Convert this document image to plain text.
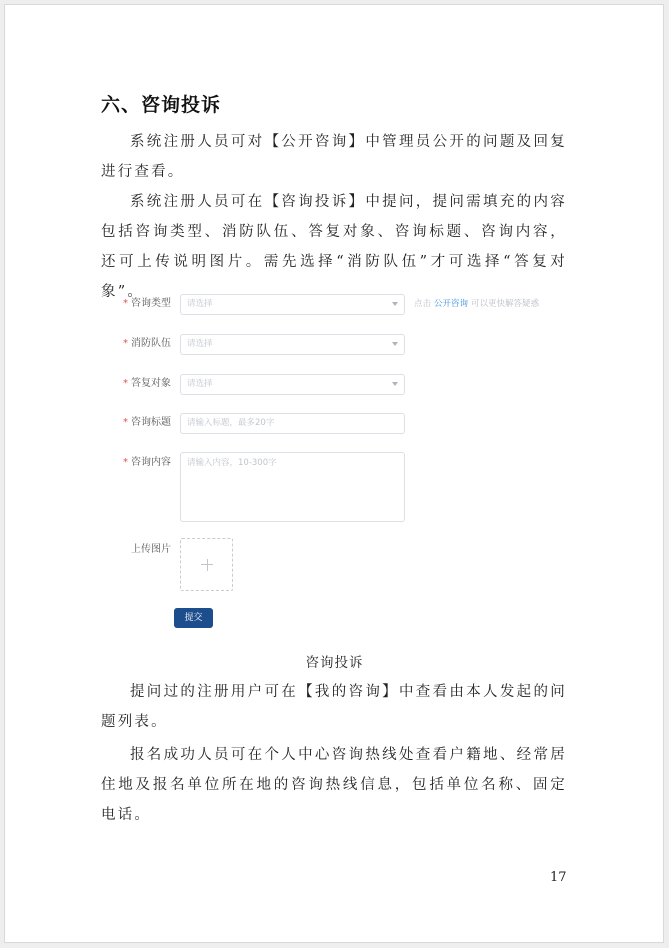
六、咨询投诉

系统注册人员可对【公开咨询】中管理员公开的问题及回复进行查看。

系统注册人员可在【咨询投诉】中提问，提问需填充的内容包括咨询类型、消防队伍、答复对象、咨询标题、咨询内容，还可上传说明图片。需先选择“消防队伍”才可选择“答复对象”。

* 咨询类型	请选择	点击 公开咨询 可以更快解答疑惑
* 消防队伍	请选择
* 答复对象	请选择
* 咨询标题	请输入标题，最多20字
* 咨询内容	请输入内容，10-300字
上传图片
提交
咨询投诉

提问过的注册用户可在【我的咨询】中查看由本人发起的问题列表。

报名成功人员可在个人中心咨询热线处查看户籍地、经常居住地及报名单位所在地的咨询热线信息，包括单位名称、固定电话。

17
